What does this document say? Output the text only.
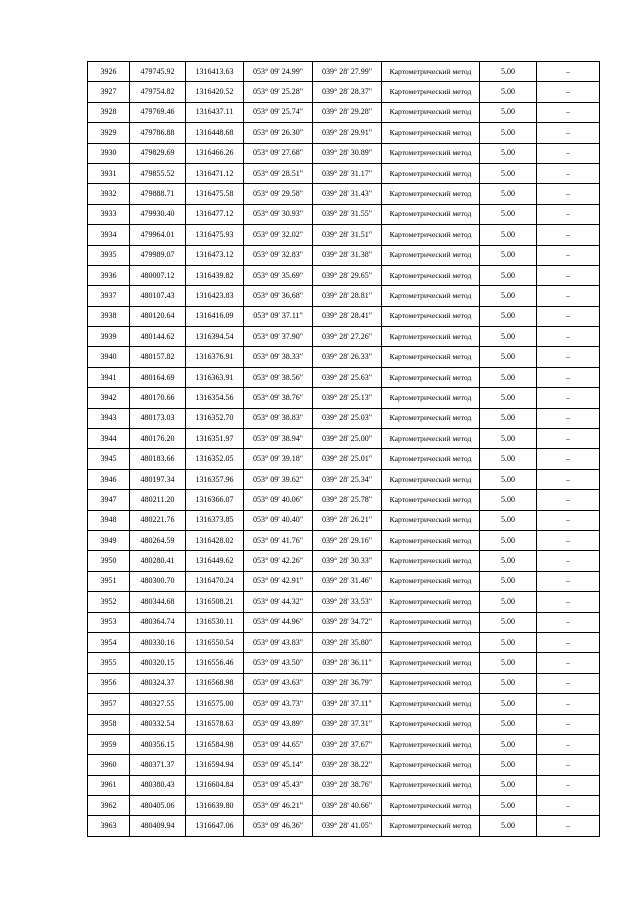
3926	479745.92	1316413.63	053° 09' 24.99"	039° 28' 27.99"	Картометрический метод	5.00	–
3927	479754.82	1316420.52	053° 09' 25.28"	039° 28' 28.37"	Картометрический метод	5.00	–
3928	479769.46	1316437.11	053° 09' 25.74"	039° 28' 29.28"	Картометрический метод	5.00	–
3929	479786.88	1316448.68	053° 09' 26.30"	039° 28' 29.91"	Картометрический метод	5.00	–
3930	479829.69	1316466.26	053° 09' 27.68"	039° 28' 30.89"	Картометрический метод	5.00	–
3931	479855.52	1316471.12	053° 09' 28.51"	039° 28' 31.17"	Картометрический метод	5.00	–
3932	479888.71	1316475.58	053° 09' 29.58"	039° 28' 31.43"	Картометрический метод	5.00	–
3933	479930.40	1316477.12	053° 09' 30.93"	039° 28' 31.55"	Картометрический метод	5.00	–
3934	479964.01	1316475.93	053° 09' 32.02"	039° 28' 31.51"	Картометрический метод	5.00	–
3935	479989.07	1316473.12	053° 09' 32.83"	039° 28' 31.38"	Картометрический метод	5.00	–
3936	480007.12	1316439.82	053° 09' 35.69"	039° 28' 29.65"	Картометрический метод	5.00	–
3937	480107.43	1316423.83	053° 09' 36.68"	039° 28' 28.81"	Картометрический метод	5.00	–
3938	480120.64	1316416.09	053° 09' 37.11"	039° 28' 28.41"	Картометрический метод	5.00	–
3939	480144.62	1316394.54	053° 09' 37.90"	039° 28' 27.26"	Картометрический метод	5.00	–
3940	480157.82	1316376.91	053° 09' 38.33"	039° 28' 26.33"	Картометрический метод	5.00	–
3941	480164.69	1316363.91	053° 09' 38.56"	039° 28' 25.63"	Картометрический метод	5.00	–
3942	480170.66	1316354.56	053° 09' 38.76"	039° 28' 25.13"	Картометрический метод	5.00	–
3943	480173.03	1316352.70	053° 09' 38.83"	039° 28' 25.03"	Картометрический метод	5.00	–
3944	480176.20	1316351.97	053° 09' 38.94"	039° 28' 25.00"	Картометрический метод	5.00	–
3945	480183.66	1316352.05	053° 09' 39.18"	039° 28' 25.01"	Картометрический метод	5.00	–
3946	480197.34	1316357.96	053° 09' 39.62"	039° 28' 25.34"	Картометрический метод	5.00	–
3947	480211.20	1316366.07	053° 09' 40.06"	039° 28' 25.78"	Картометрический метод	5.00	–
3948	480221.76	1316373.85	053° 09' 40.40"	039° 28' 26.21"	Картометрический метод	5.00	–
3949	480264.59	1316428.02	053° 09' 41.76"	039° 28' 29.16"	Картометрический метод	5.00	–
3950	480280.41	1316449.62	053° 09' 42.26"	039° 28' 30.33"	Картометрический метод	5.00	–
3951	480300.70	1316470.24	053° 09' 42.91"	039° 28' 31.46"	Картометрический метод	5.00	–
3952	480344.68	1316508.21	053° 09' 44.32"	039° 28' 33.53"	Картометрический метод	5.00	–
3953	480364.74	1316530.11	053° 09' 44.96"	039° 28' 34.72"	Картометрический метод	5.00	–
3954	480330.16	1316550.54	053° 09' 43.83"	039° 28' 35.80"	Картометрический метод	5.00	–
3955	480320.15	1316556.46	053° 09' 43.50"	039° 28' 36.11"	Картометрический метод	5.00	–
3956	480324.37	1316568.98	053° 09' 43.63"	039° 28' 36.79"	Картометрический метод	5.00	–
3957	480327.55	1316575.00	053° 09' 43.73"	039° 28' 37.11"	Картометрический метод	5.00	–
3958	480332.54	1316578.63	053° 09' 43.89"	039° 28' 37.31"	Картометрический метод	5.00	–
3959	480356.15	1316584.98	053° 09' 44.65"	039° 28' 37.67"	Картометрический метод	5.00	–
3960	480371.37	1316594.94	053° 09' 45.14"	039° 28' 38.22"	Картометрический метод	5.00	–
3961	480380.43	1316604.84	053° 09' 45.43"	039° 28' 38.76"	Картометрический метод	5.00	–
3962	480405.06	1316639.80	053° 09' 46.21"	039° 28' 40.66"	Картометрический метод	5.00	–
3963	480409.94	1316647.06	053° 09' 46.36"	039° 28' 41.05"	Картометрический метод	5.00	–
